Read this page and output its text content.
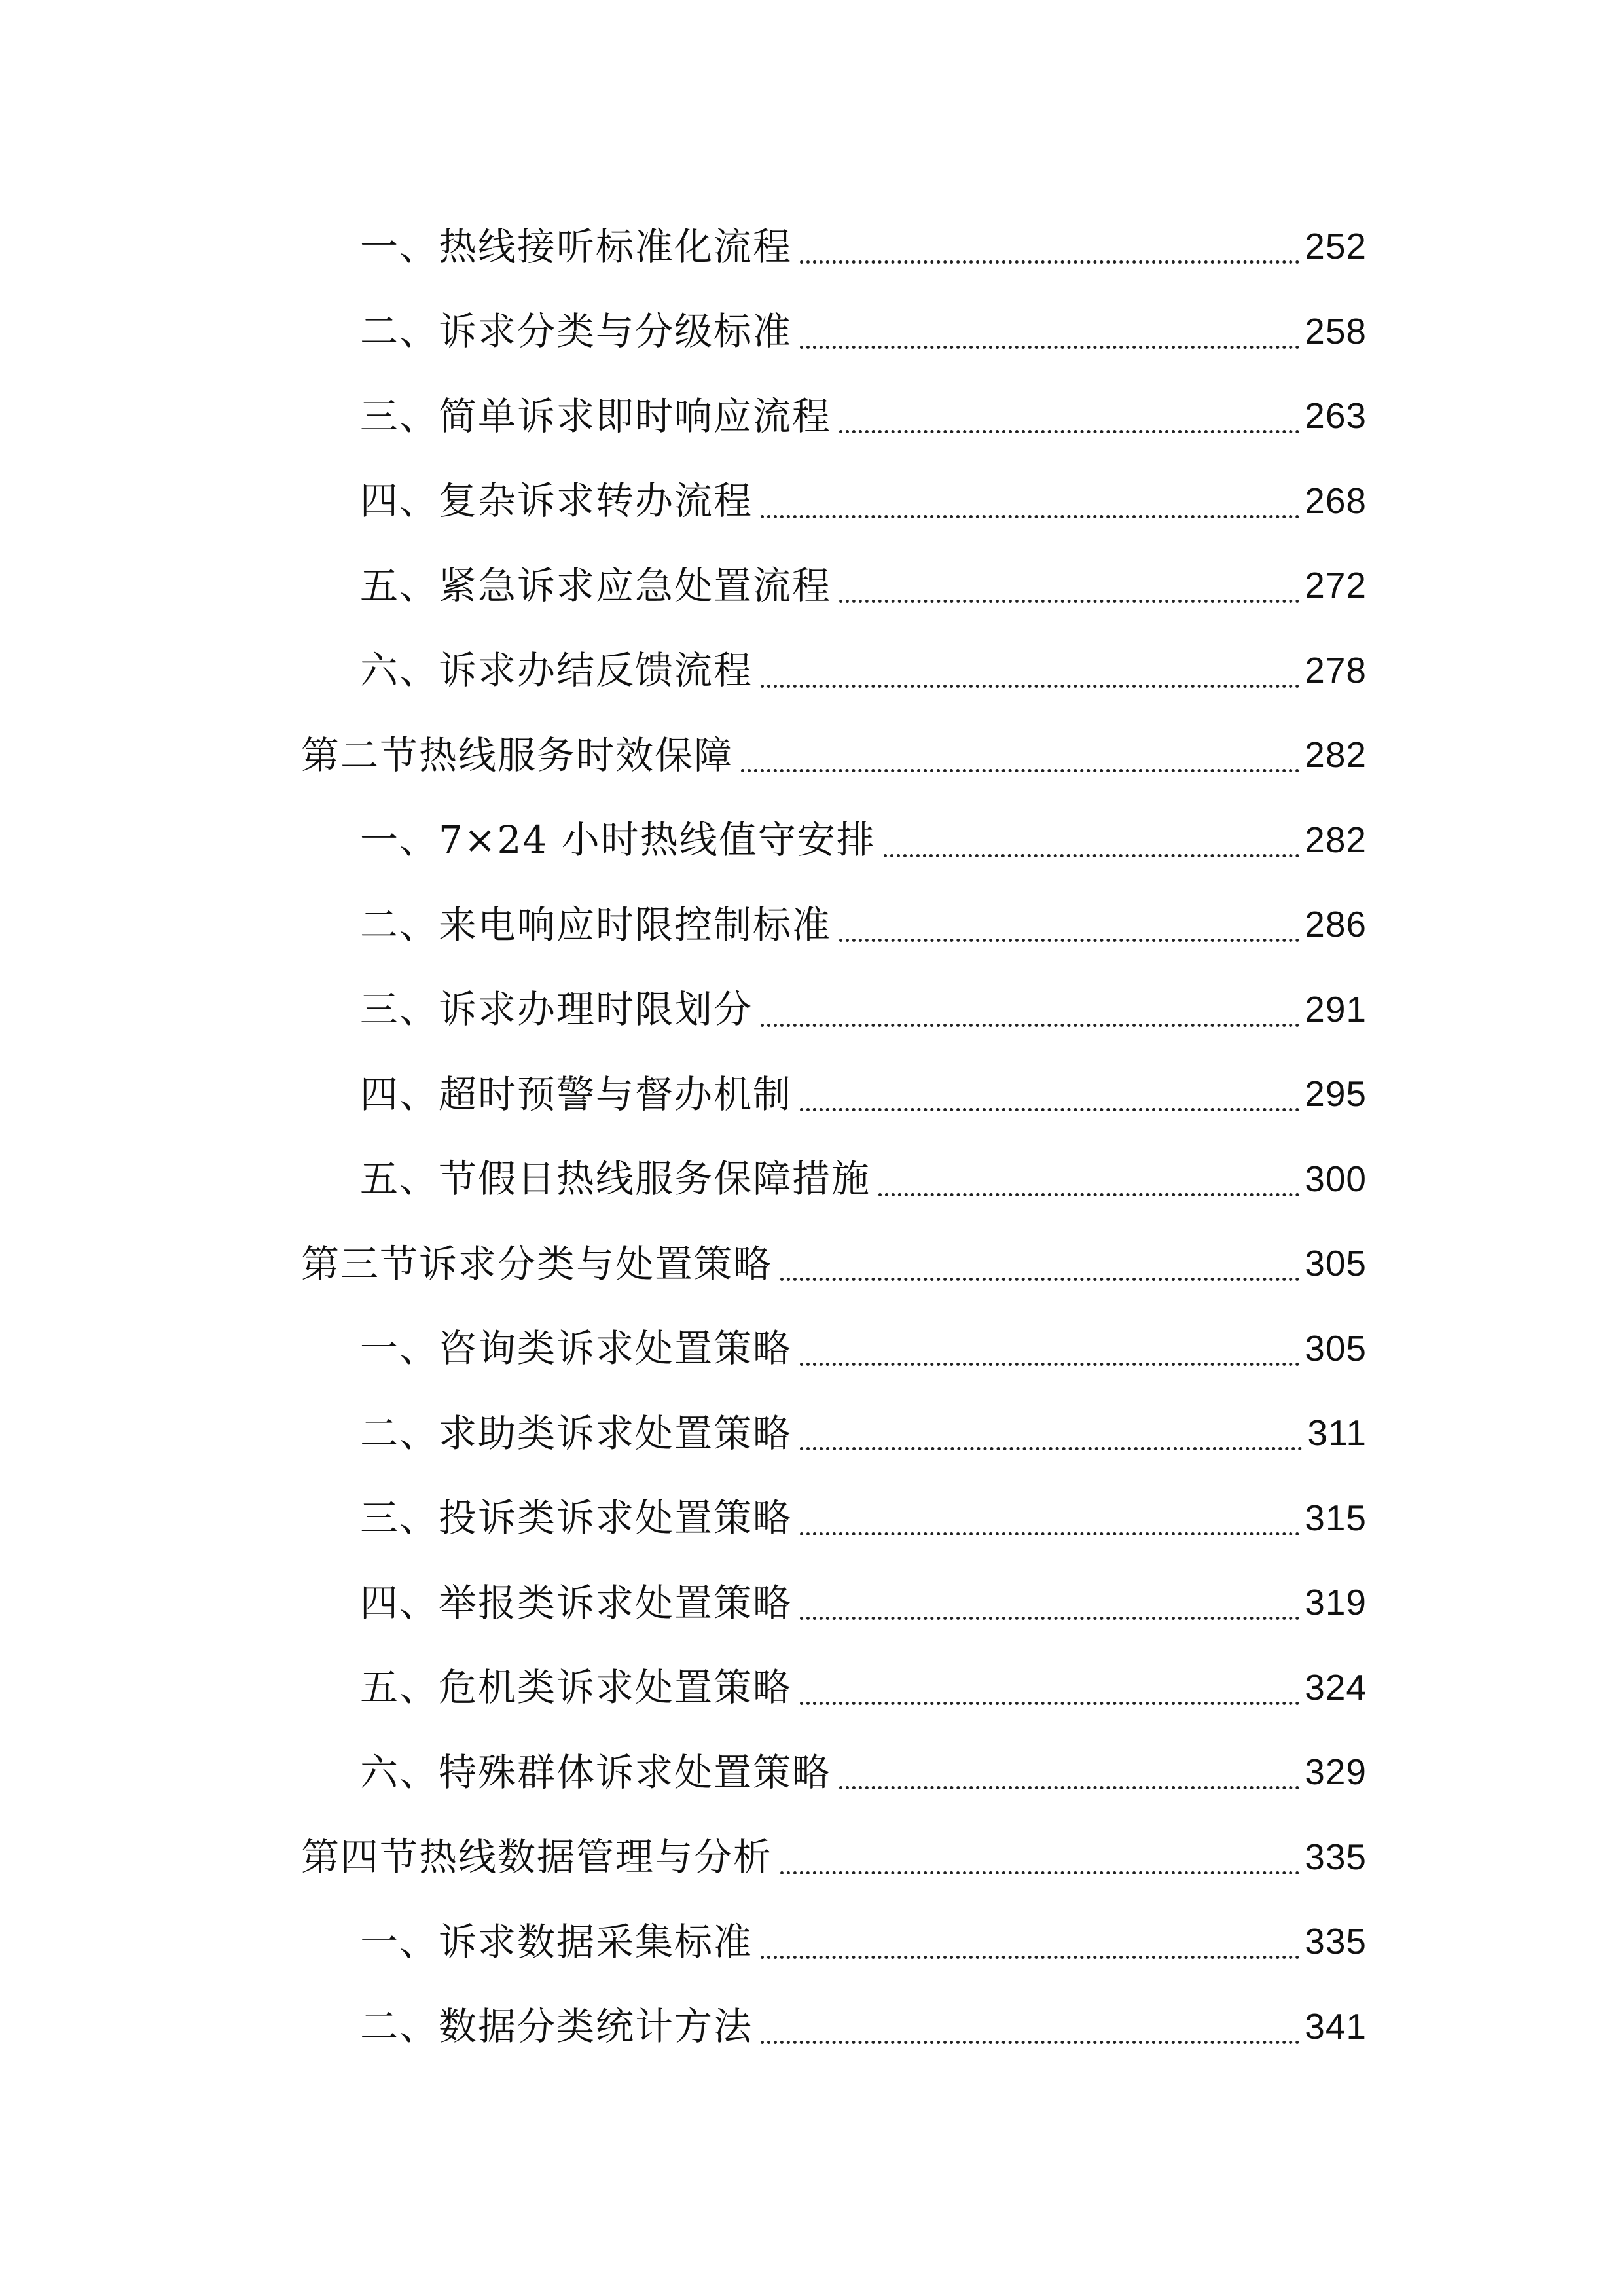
一、热线接听标准化流程	252
二、诉求分类与分级标准	258
三、简单诉求即时响应流程	263
四、复杂诉求转办流程	268
五、紧急诉求应急处置流程	272
六、诉求办结反馈流程	278
第二节热线服务时效保障	282
一、7×24 小时热线值守安排	282
二、来电响应时限控制标准	286
三、诉求办理时限划分	291
四、超时预警与督办机制	295
五、节假日热线服务保障措施	300
第三节诉求分类与处置策略	305
一、咨询类诉求处置策略	305
二、求助类诉求处置策略	311
三、投诉类诉求处置策略	315
四、举报类诉求处置策略	319
五、危机类诉求处置策略	324
六、特殊群体诉求处置策略	329
第四节热线数据管理与分析	335
一、诉求数据采集标准	335
二、数据分类统计方法	341
